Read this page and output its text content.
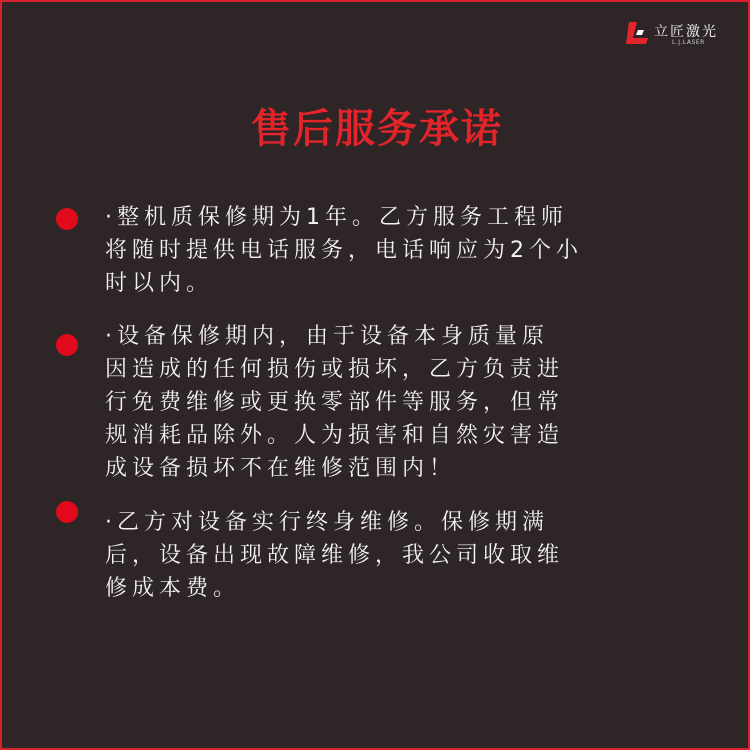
立匠激光
L.J.LASER
售后服务承诺
·整机质保修期为1年。乙方服务工程师
将随时提供电话服务，电话响应为2个小
时以内。
·设备保修期内，由于设备本身质量原
因造成的任何损伤或损坏，乙方负责进
行免费维修或更换零部件等服务，但常
规消耗品除外。人为损害和自然灾害造
成设备损坏不在维修范围内！
·乙方对设备实行终身维修。保修期满
后，设备出现故障维修，我公司收取维
修成本费。
